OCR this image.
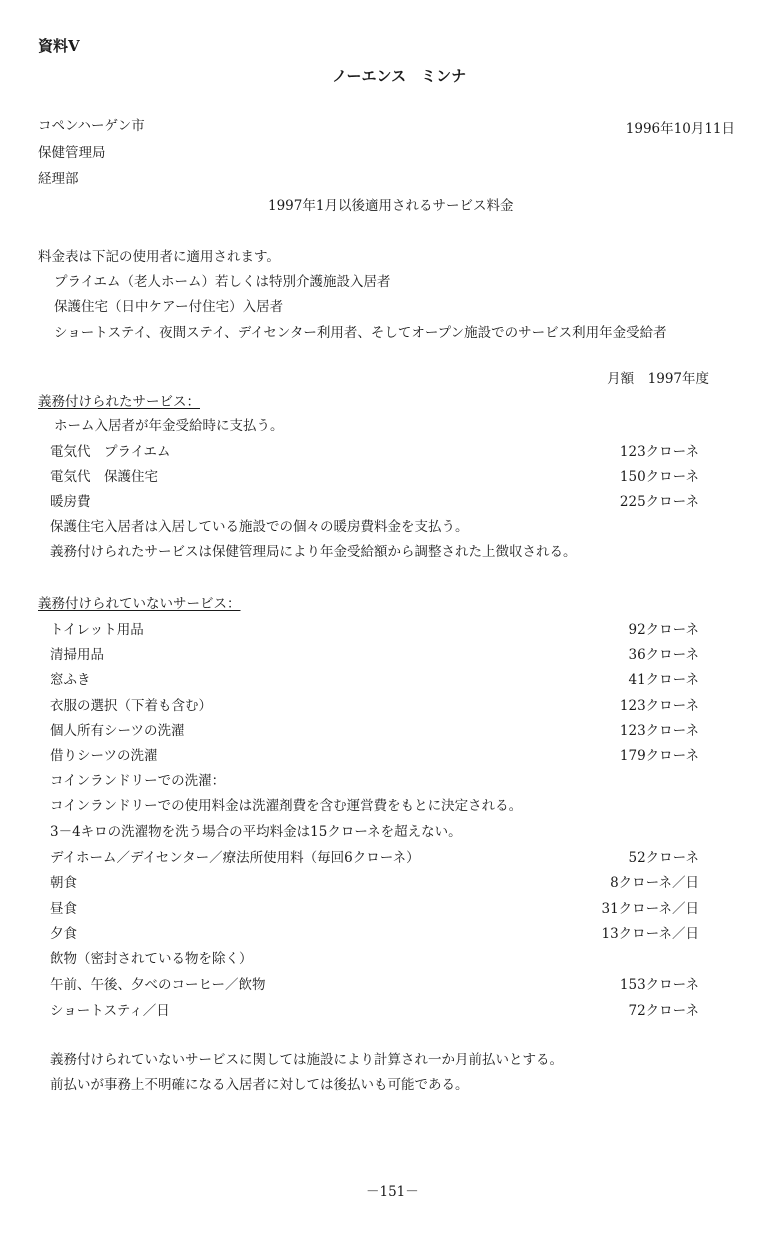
資料Ⅴ
ノーエンス　ミンナ
コペンハーゲン市
保健管理局
経理部
1996年10月11日
1997年1月以後適用されるサービス料金
料金表は下記の使用者に適用されます。
プライエム（老人ホーム）若しくは特別介護施設入居者
保護住宅（日中ケアー付住宅）入居者
ショートステイ、夜間ステイ、デイセンター利用者、そしてオープン施設でのサービス利用年金受給者
月額　1997年度
義務付けられたサービス：
ホーム入居者が年金受給時に支払う。
電気代　プライエム	123クローネ
電気代　保護住宅	150クローネ
暖房費	225クローネ
保護住宅入居者は入居している施設での個々の暖房費料金を支払う。
義務付けられたサービスは保健管理局により年金受給額から調整された上徴収される。
義務付けられていないサービス：
トイレット用品	92クローネ
清掃用品	36クローネ
窓ふき	41クローネ
衣服の選択（下着も含む）	123クローネ
個人所有シーツの洗濯	123クローネ
借りシーツの洗濯	179クローネ
コインランドリーでの洗濯：
コインランドリーでの使用料金は洗濯剤費を含む運営費をもとに決定される。
3－4キロの洗濯物を洗う場合の平均料金は15クローネを超えない。
デイホーム／デイセンター／療法所使用料（毎回6クローネ）	52クローネ
朝食	8クローネ／日
昼食	31クローネ／日
夕食	13クローネ／日
飲物（密封されている物を除く）
午前、午後、夕べのコーヒー／飲物	153クローネ
ショートスティ／日	72クローネ
義務付けられていないサービスに関しては施設により計算され一か月前払いとする。
前払いが事務上不明確になる入居者に対しては後払いも可能である。
－151－
